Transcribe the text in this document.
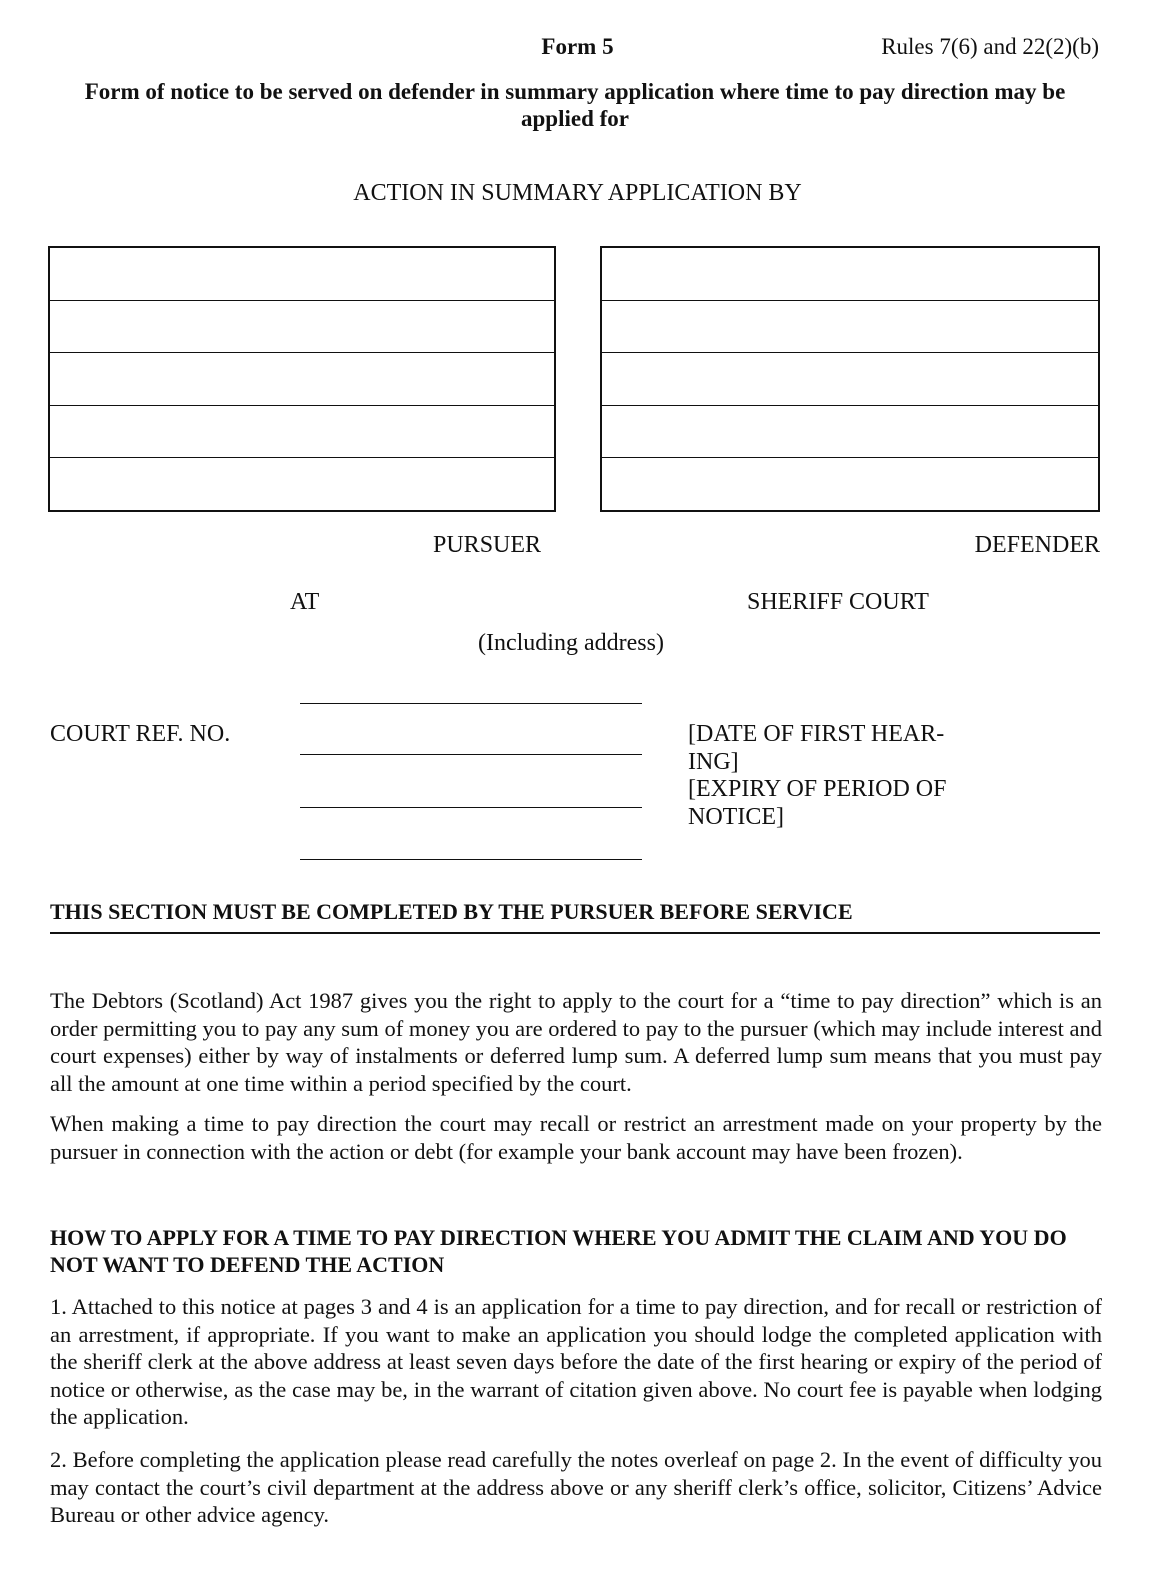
Form 5	Rules 7(6) and 22(2)(b)
Form of notice to be served on defender in summary application where time to pay direction may be applied for
ACTION IN SUMMARY APPLICATION BY
PURSUER	DEFENDER
AT	SHERIFF COURT
(Including address)
COURT REF. NO.	[DATE OF FIRST HEAR-ING]
[EXPIRY OF PERIOD OF NOTICE]
THIS SECTION MUST BE COMPLETED BY THE PURSUER BEFORE SERVICE
The Debtors (Scotland) Act 1987 gives you the right to apply to the court for a “time to pay direction” which is an order permitting you to pay any sum of money you are ordered to pay to the pursuer (which may include interest and court expenses) either by way of instalments or deferred lump sum. A deferred lump sum means that you must pay all the amount at one time within a period specified by the court.
When making a time to pay direction the court may recall or restrict an arrestment made on your property by the pursuer in connection with the action or debt (for example your bank account may have been frozen).
HOW TO APPLY FOR A TIME TO PAY DIRECTION WHERE YOU ADMIT THE CLAIM AND YOU DO NOT WANT TO DEFEND THE ACTION
1. Attached to this notice at pages 3 and 4 is an application for a time to pay direction, and for recall or restriction of an arrestment, if appropriate. If you want to make an application you should lodge the completed application with the sheriff clerk at the above address at least seven days before the date of the first hearing or expiry of the period of notice or otherwise, as the case may be, in the warrant of citation given above. No court fee is payable when lodging the application.
2. Before completing the application please read carefully the notes overleaf on page 2. In the event of difficulty you may contact the court’s civil department at the address above or any sheriff clerk’s office, solicitor, Citizens’ Advice Bureau or other advice agency.
